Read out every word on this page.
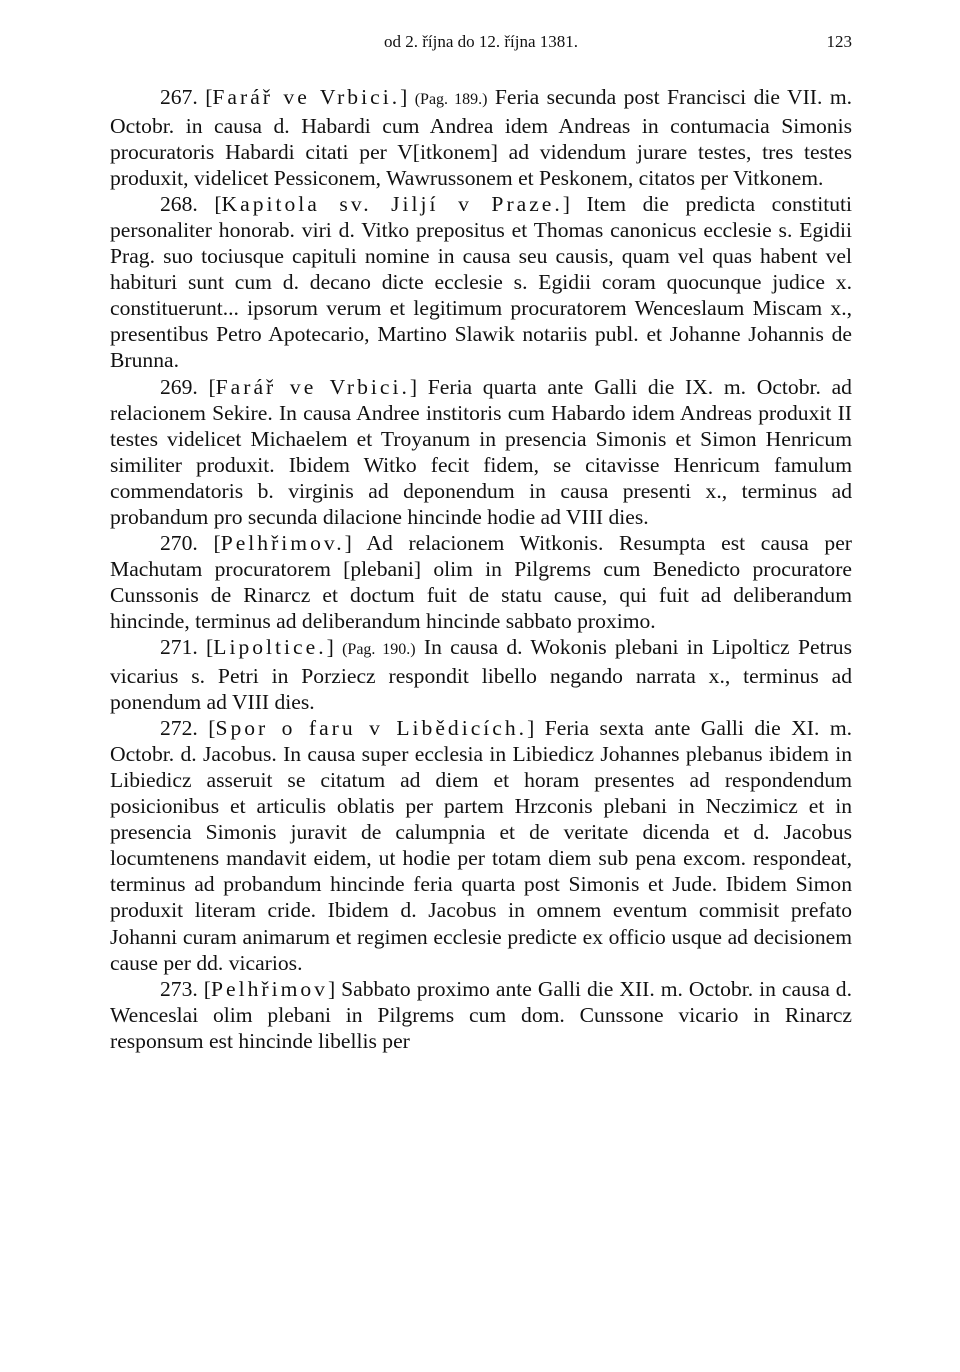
od 2. října do 12. října 1381.	123

267. [Farář ve Vrbici.] (Pag. 189.) Feria secunda post Francisci die VII. m. Octobr. in causa d. Habardi cum Andrea idem Andreas in contumacia Simonis procuratoris Habardi citati per V[itkonem] ad videndum jurare testes, tres testes produxit, videlicet Pessiconem, Wawrussonem et Peskonem, citatos per Vitkonem.

268. [Kapitola sv. Jiljí v Praze.] Item die predicta constituti personaliter honorab. viri d. Vitko prepositus et Thomas canonicus ecclesie s. Egidii Prag. suo tociusque capituli nomine in causa seu causis, quam vel quas habent vel habituri sunt cum d. decano dicte ecclesie s. Egidii coram quocunque judice x. constituerunt... ipsorum verum et legitimum procuratorem Wenceslaum Miscam x., presentibus Petro Apotecario, Martino Slawik notariis publ. et Johanne Johannis de Brunna.

269. [Farář ve Vrbici.] Feria quarta ante Galli die IX. m. Octobr. ad relacionem Sekire. In causa Andree institoris cum Habardo idem Andreas produxit II testes videlicet Michaelem et Troyanum in presencia Simonis et Simon Henricum similiter produxit. Ibidem Witko fecit fidem, se citavisse Henricum famulum commendatoris b. virginis ad deponendum in causa presenti x., terminus ad probandum pro secunda dilacione hincinde hodie ad VIII dies.

270. [Pelhřimov.] Ad relacionem Witkonis. Resumpta est causa per Machutam procuratorem [plebani] olim in Pilgrems cum Benedicto procuratore Cunssonis de Rinarcz et doctum fuit de statu cause, qui fuit ad deliberandum hincinde, terminus ad deliberandum hincinde sabbato proximo.

271. [Lipoltice.] (Pag. 190.) In causa d. Wokonis plebani in Lipolticz Petrus vicarius s. Petri in Porziecz respondit libello negando narrata x., terminus ad ponendum ad VIII dies.

272. [Spor o faru v Libědicích.] Feria sexta ante Galli die XI. m. Octobr. d. Jacobus. In causa super ecclesia in Libiedicz Johannes plebanus ibidem in Libiedicz asseruit se citatum ad diem et horam presentes ad respondendum posicionibus et articulis oblatis per partem Hrzconis plebani in Neczimicz et in presencia Simonis juravit de calumpnia et de veritate dicenda et d. Jacobus locumtenens mandavit eidem, ut hodie per totam diem sub pena excom. respondeat, terminus ad probandum hincinde feria quarta post Simonis et Jude. Ibidem Simon produxit literam cride. Ibidem d. Jacobus in omnem eventum commisit prefato Johanni curam animarum et regimen ecclesie predicte ex officio usque ad decisionem cause per dd. vicarios.

273. [Pelhřimov] Sabbato proximo ante Galli die XII. m. Octobr. in causa d. Wenceslai olim plebani in Pilgrems cum dom. Cunssone vicario in Rinarcz responsum est hincinde libellis per
